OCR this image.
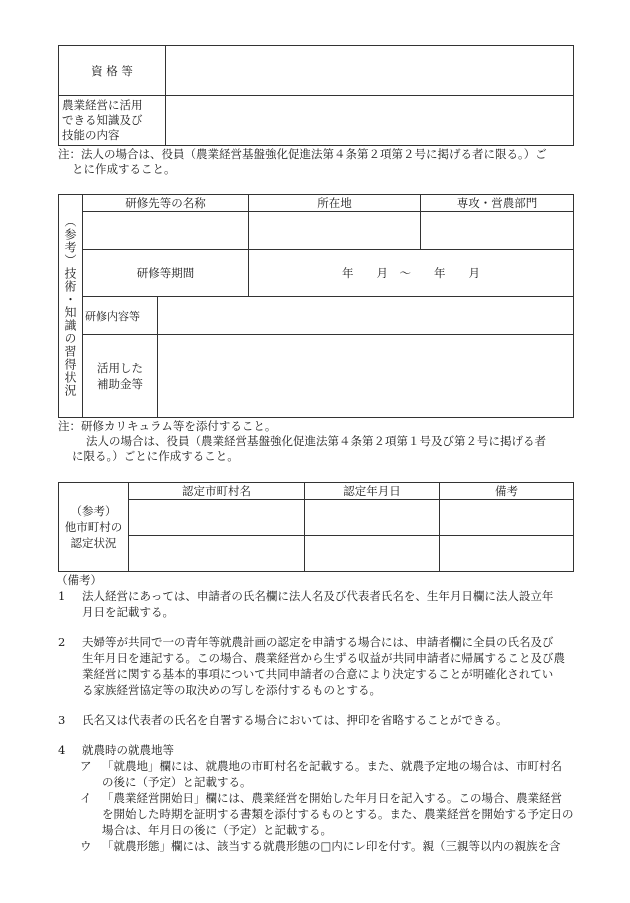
資 格 等	

農業経営に活用
できる知識及び
技能の内容	

注：法人の場合は、役員（農業経営基盤強化促進法第４条第２項第２号に掲げる者に限る。）ご
とに作成すること。
（参考）技術・知識の習得状況	研修先等の名称		所在地	専攻・営農部門

	研修等期間		年　　月　～　　年　　月	
	研修内容等			

	活用した
補助金等			

注：研修カリキュラム等を添付すること。
法人の場合は、役員（農業経営基盤強化促進法第４条第２項第１号及び第２号に掲げる者
に限る。）ごとに作成すること。
（参考）
他市町村の
認定状況	認定市町村名	認定年月日	備考

（備考）
1	法人経営にあっては、申請者の氏名欄に法人名及び代表者氏名を、生年月日欄に法人設立年
月日を記載する。
2	夫婦等が共同で一の青年等就農計画の認定を申請する場合には、申請者欄に全員の氏名及び
生年月日を連記する。この場合、農業経営から生ずる収益が共同申請者に帰属すること及び農
業経営に関する基本的事項について共同申請者の合意により決定することが明確化されてい
る家族経営協定等の取決めの写しを添付するものとする。
3	氏名又は代表者の氏名を自署する場合においては、押印を省略することができる。
4	就農時の就農地等
ア 「就農地」欄には、就農地の市町村名を記載する。また、就農予定地の場合は、市町村名
の後に（予定）と記載する。
イ 「農業経営開始日」欄には、農業経営を開始した年月日を記入する。この場合、農業経営
を開始した時期を証明する書類を添付するものとする。また、農業経営を開始する予定日の
場合は、年月日の後に（予定）と記載する。
ウ 「就農形態」欄には、該当する就農形態の□内にレ印を付す。親（三親等以内の親族を含
